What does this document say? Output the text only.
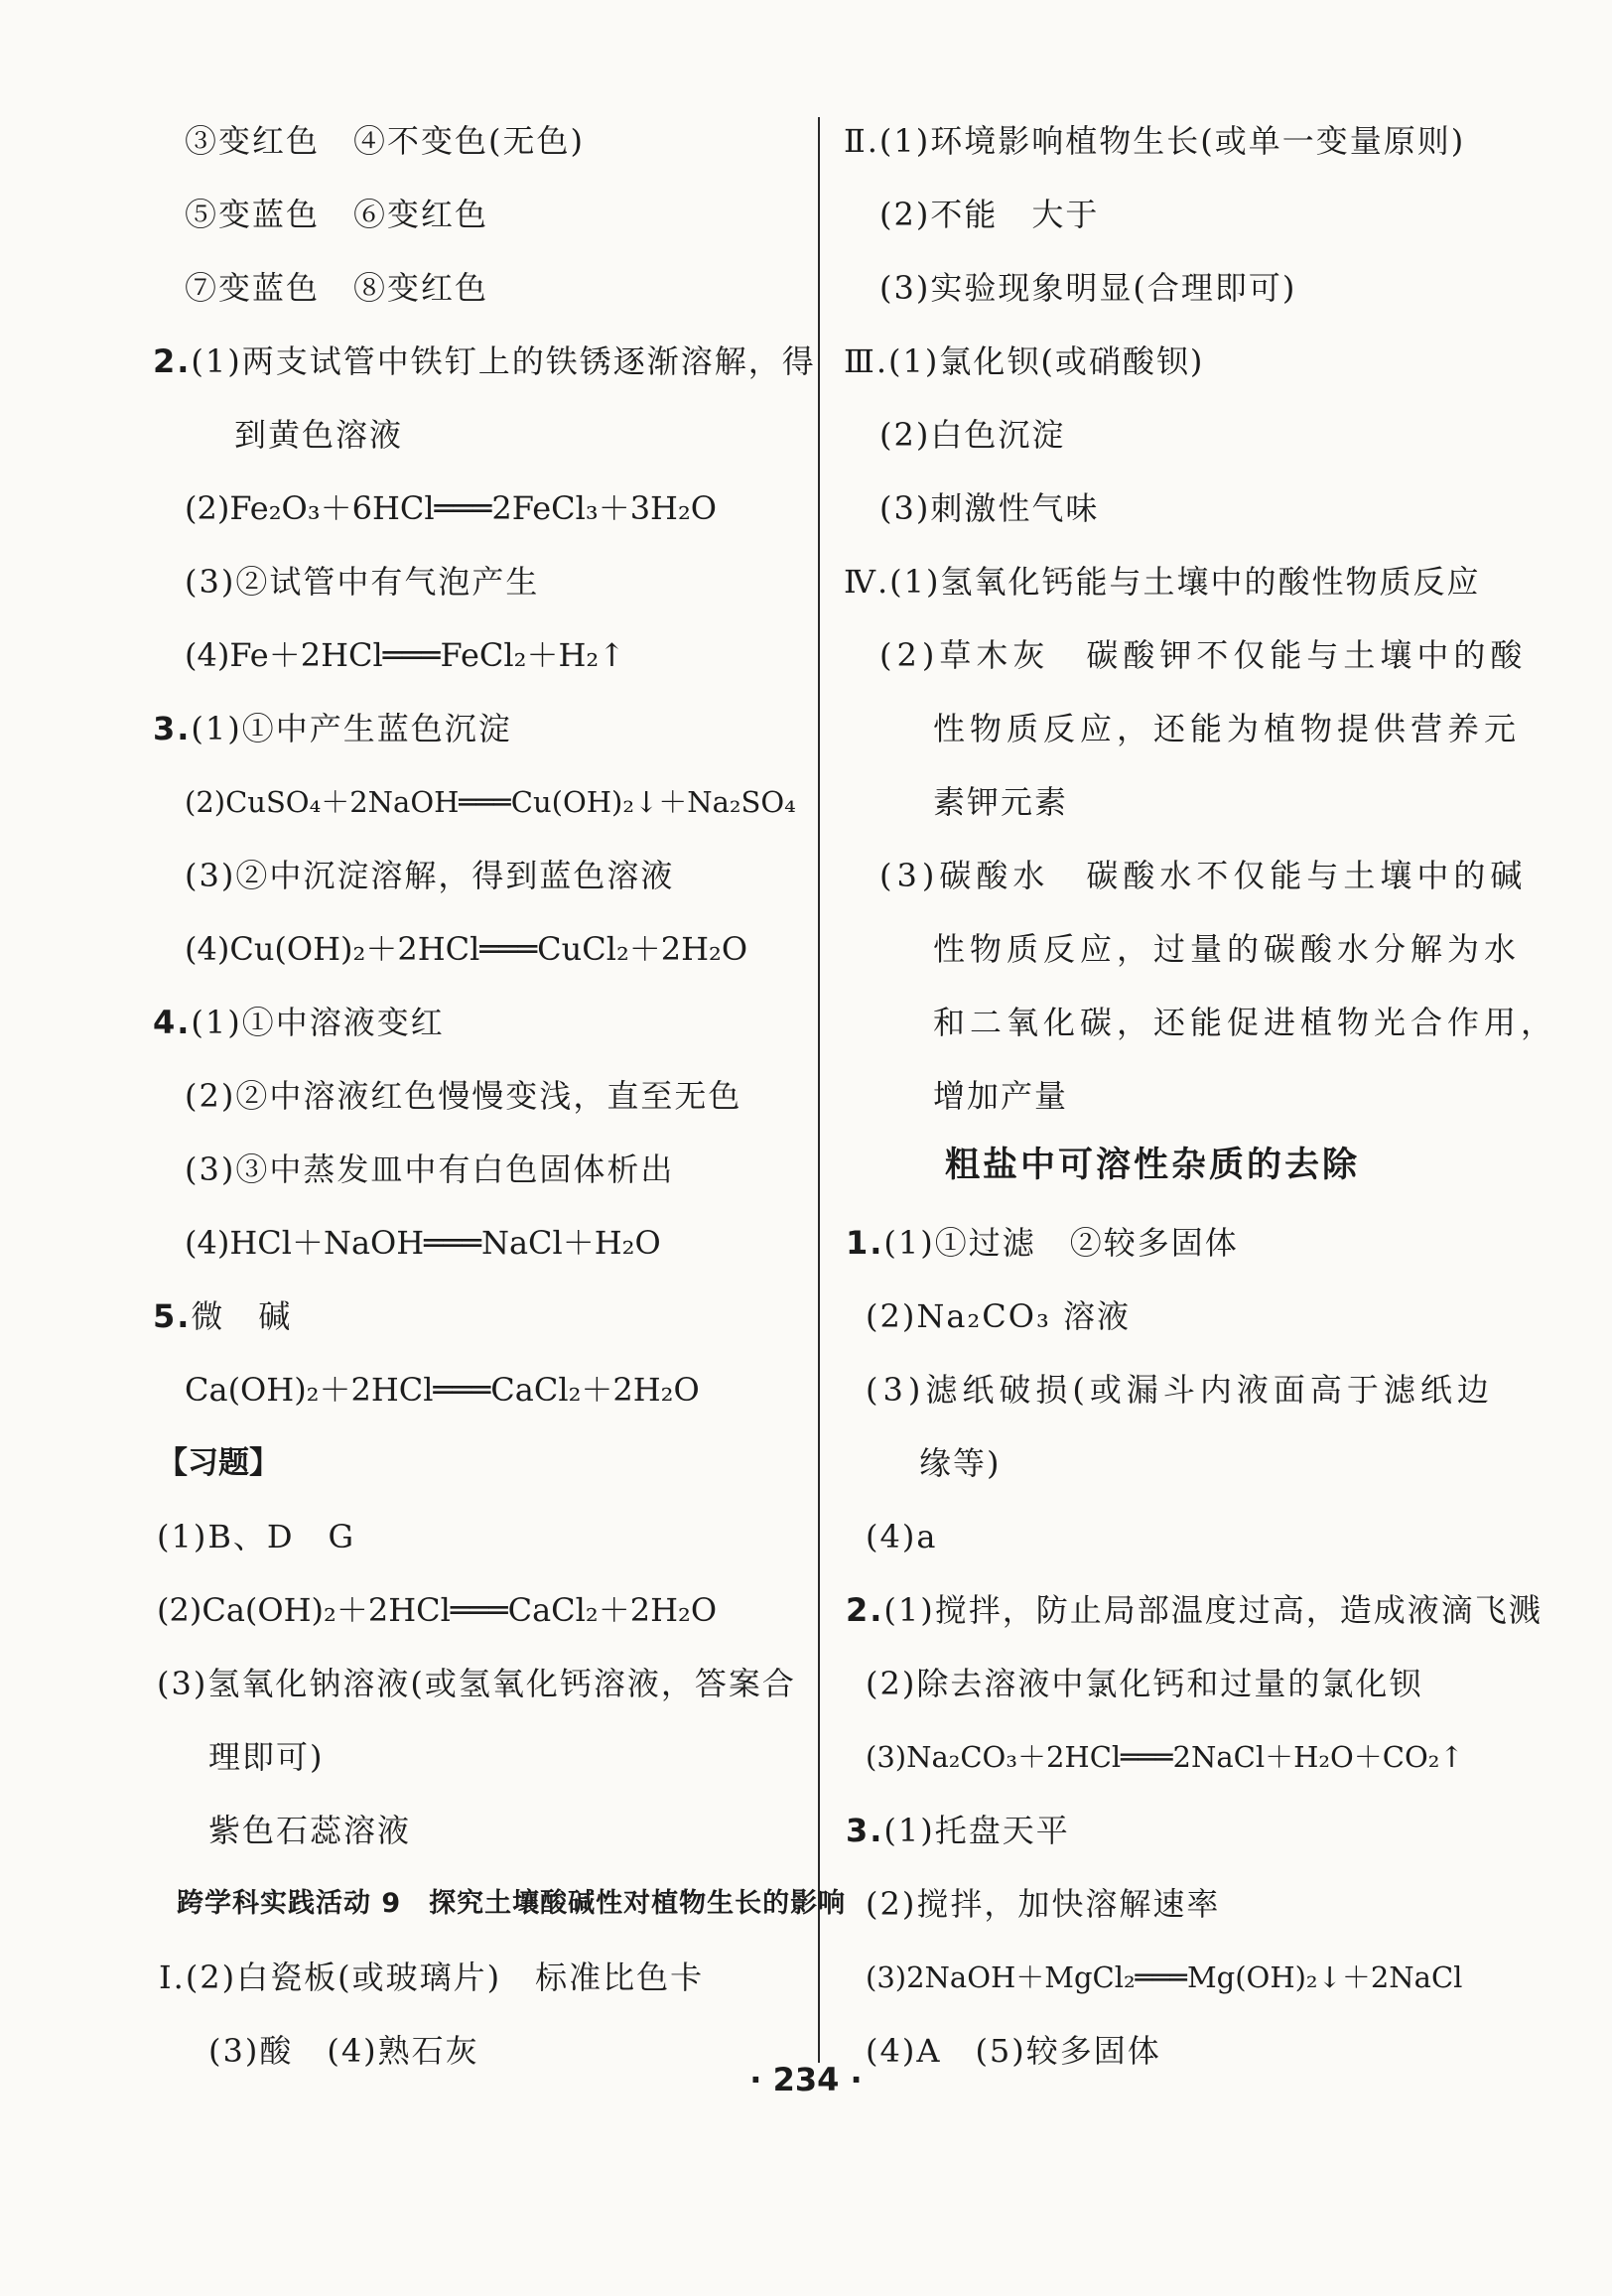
③变红色　④不变色(无色)
⑤变蓝色　⑥变红色
⑦变蓝色　⑧变红色
2.(1)两支试管中铁钉上的铁锈逐渐溶解，得
到黄色溶液
(2)Fe₂O₃＋6HCl═══2FeCl₃＋3H₂O
(3)②试管中有气泡产生
(4)Fe＋2HCl═══FeCl₂＋H₂↑
3.(1)①中产生蓝色沉淀
(2)CuSO₄＋2NaOH═══Cu(OH)₂↓＋Na₂SO₄
(3)②中沉淀溶解，得到蓝色溶液
(4)Cu(OH)₂＋2HCl═══CuCl₂＋2H₂O
4.(1)①中溶液变红
(2)②中溶液红色慢慢变浅，直至无色
(3)③中蒸发皿中有白色固体析出
(4)HCl＋NaOH═══NaCl＋H₂O
5.微　碱
Ca(OH)₂＋2HCl═══CaCl₂＋2H₂O
【习题】
(1)B、D　G
(2)Ca(OH)₂＋2HCl═══CaCl₂＋2H₂O
(3)氢氧化钠溶液(或氢氧化钙溶液，答案合
理即可)
紫色石蕊溶液
跨学科实践活动 9　探究土壤酸碱性对植物生长的影响
Ⅰ.(2)白瓷板(或玻璃片)　标准比色卡
(3)酸　(4)熟石灰
Ⅱ.(1)环境影响植物生长(或单一变量原则)
(2)不能　大于
(3)实验现象明显(合理即可)
Ⅲ.(1)氯化钡(或硝酸钡)
(2)白色沉淀
(3)刺激性气味
Ⅳ.(1)氢氧化钙能与土壤中的酸性物质反应
(2)草木灰　碳酸钾不仅能与土壤中的酸
性物质反应，还能为植物提供营养元
素钾元素
(3)碳酸水　碳酸水不仅能与土壤中的碱
性物质反应，过量的碳酸水分解为水
和二氧化碳，还能促进植物光合作用，
增加产量
粗盐中可溶性杂质的去除
1.(1)①过滤　②较多固体
(2)Na₂CO₃ 溶液
(3)滤纸破损(或漏斗内液面高于滤纸边
缘等)
(4)a
2.(1)搅拌，防止局部温度过高，造成液滴飞溅
(2)除去溶液中氯化钙和过量的氯化钡
(3)Na₂CO₃＋2HCl═══2NaCl＋H₂O＋CO₂↑
3.(1)托盘天平
(2)搅拌，加快溶解速率
(3)2NaOH＋MgCl₂═══Mg(OH)₂↓＋2NaCl
(4)A　(5)较多固体
· 234 ·
